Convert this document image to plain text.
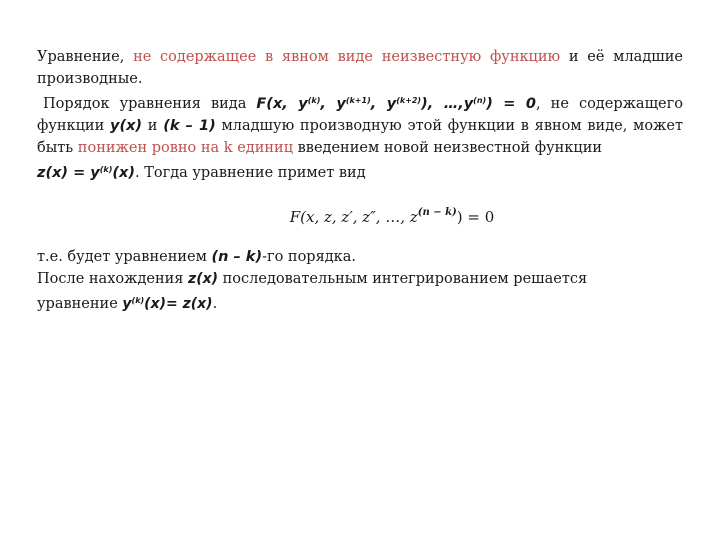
Уравнение, не содержащее в явном виде неизвестную функцию и её младшие производные.

Порядок уравнения вида F(x, $y^{(k)}$, $y^{(k+1)}$, $y^{(k+2)}$), $\dots,y^{(n)}) = 0$, не содержащего функции y(x) и (k – 1) младшую производную этой функции в явном виде, может быть понижен ровно на k единиц введением новой неизвестной функции

$z(x) = y^{(k)}(x)$. Тогда уравнение примет вид

F(x, z, z′, z″, …, $z^{(n - k)}) = 0$

т.е. будет уравнением (n – k)-го порядка.

После нахождения z(x) последовательным интегрированием решается

уравнение $y^{(k)}(x)= z(x)$.
